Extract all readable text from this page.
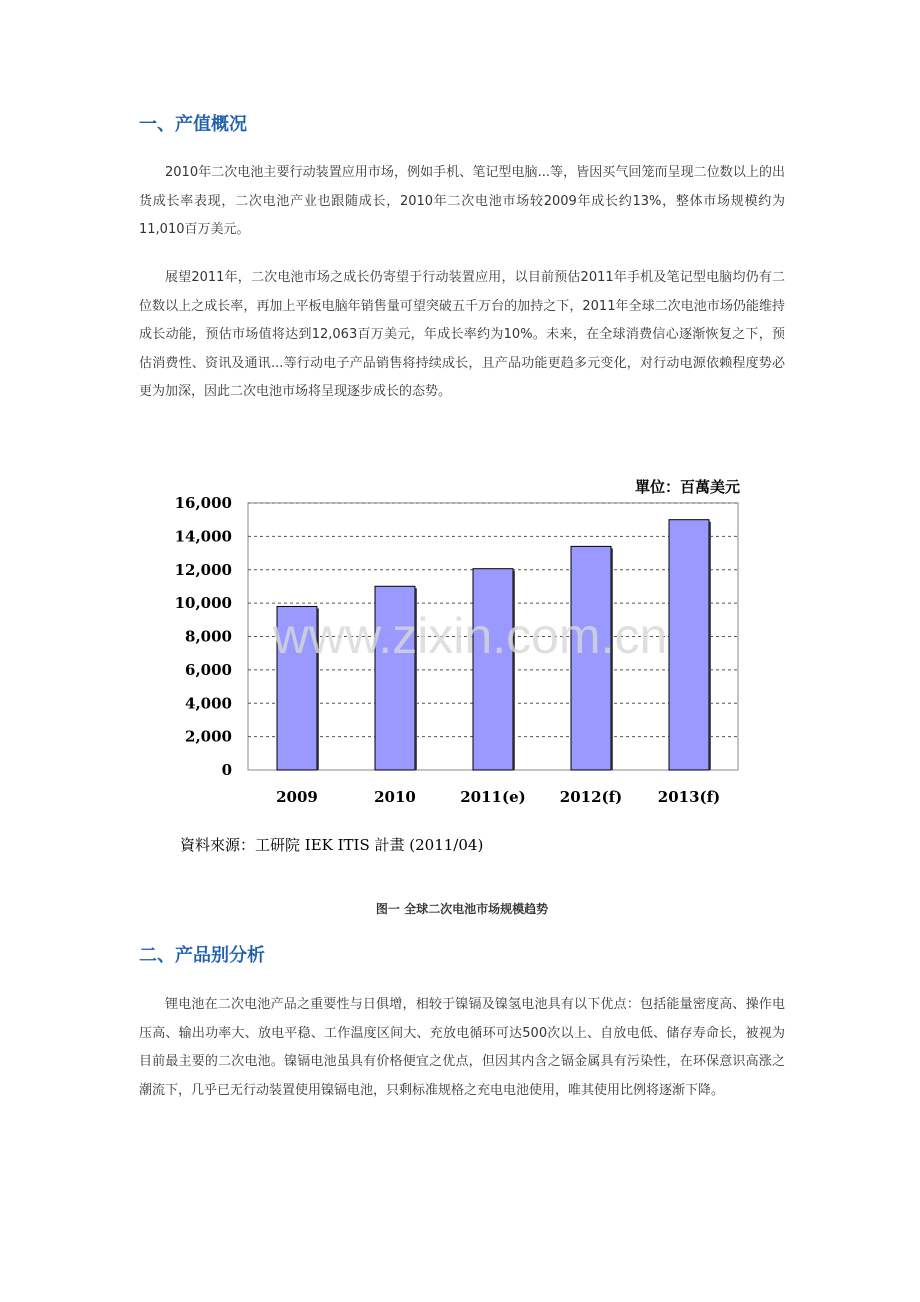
一、产值概况

2010年二次电池主要行动装置应用市场，例如手机、笔记型电脑...等，皆因买气回笼而呈现二位数以上的出货成长率表现，二次电池产业也跟随成长，2010年二次电池市场较2009年成长约13%，整体市场规模约为11,010百万美元。

展望2011年，二次电池市场之成长仍寄望于行动装置应用，以目前预估2011年手机及笔记型电脑均仍有二位数以上之成长率，再加上平板电脑年销售量可望突破五千万台的加持之下，2011年全球二次电池市场仍能维持成长动能，预估市场值将达到12,063百万美元，年成长率约为10%。未来，在全球消费信心逐渐恢复之下，预估消费性、资讯及通讯...等行动电子产品销售将持续成长，且产品功能更趋多元变化，对行动电源依赖程度势必更为加深，因此二次电池市场将呈现逐步成长的态势。

0
2,000
4,000
6,000
8,000
10,000
12,000
14,000
16,000
2009	2010	2011(e) 2012(f) 2013(f)
www.zixin.com.cn
單位：百萬美元
資料來源：工研院 IEK ITIS 計畫 (2011/04)

图一 全球二次电池市场规模趋势

二、产品别分析

锂电池在二次电池产品之重要性与日俱增，相较于镍镉及镍氢电池具有以下优点：包括能量密度高、操作电压高、输出功率大、放电平稳、工作温度区间大、充放电循环可达500次以上、自放电低、储存寿命长，被视为目前最主要的二次电池。镍镉电池虽具有价格便宜之优点，但因其内含之镉金属具有污染性，在环保意识高涨之潮流下，几乎已无行动装置使用镍镉电池，只剩标准规格之充电电池使用，唯其使用比例将逐渐下降。
